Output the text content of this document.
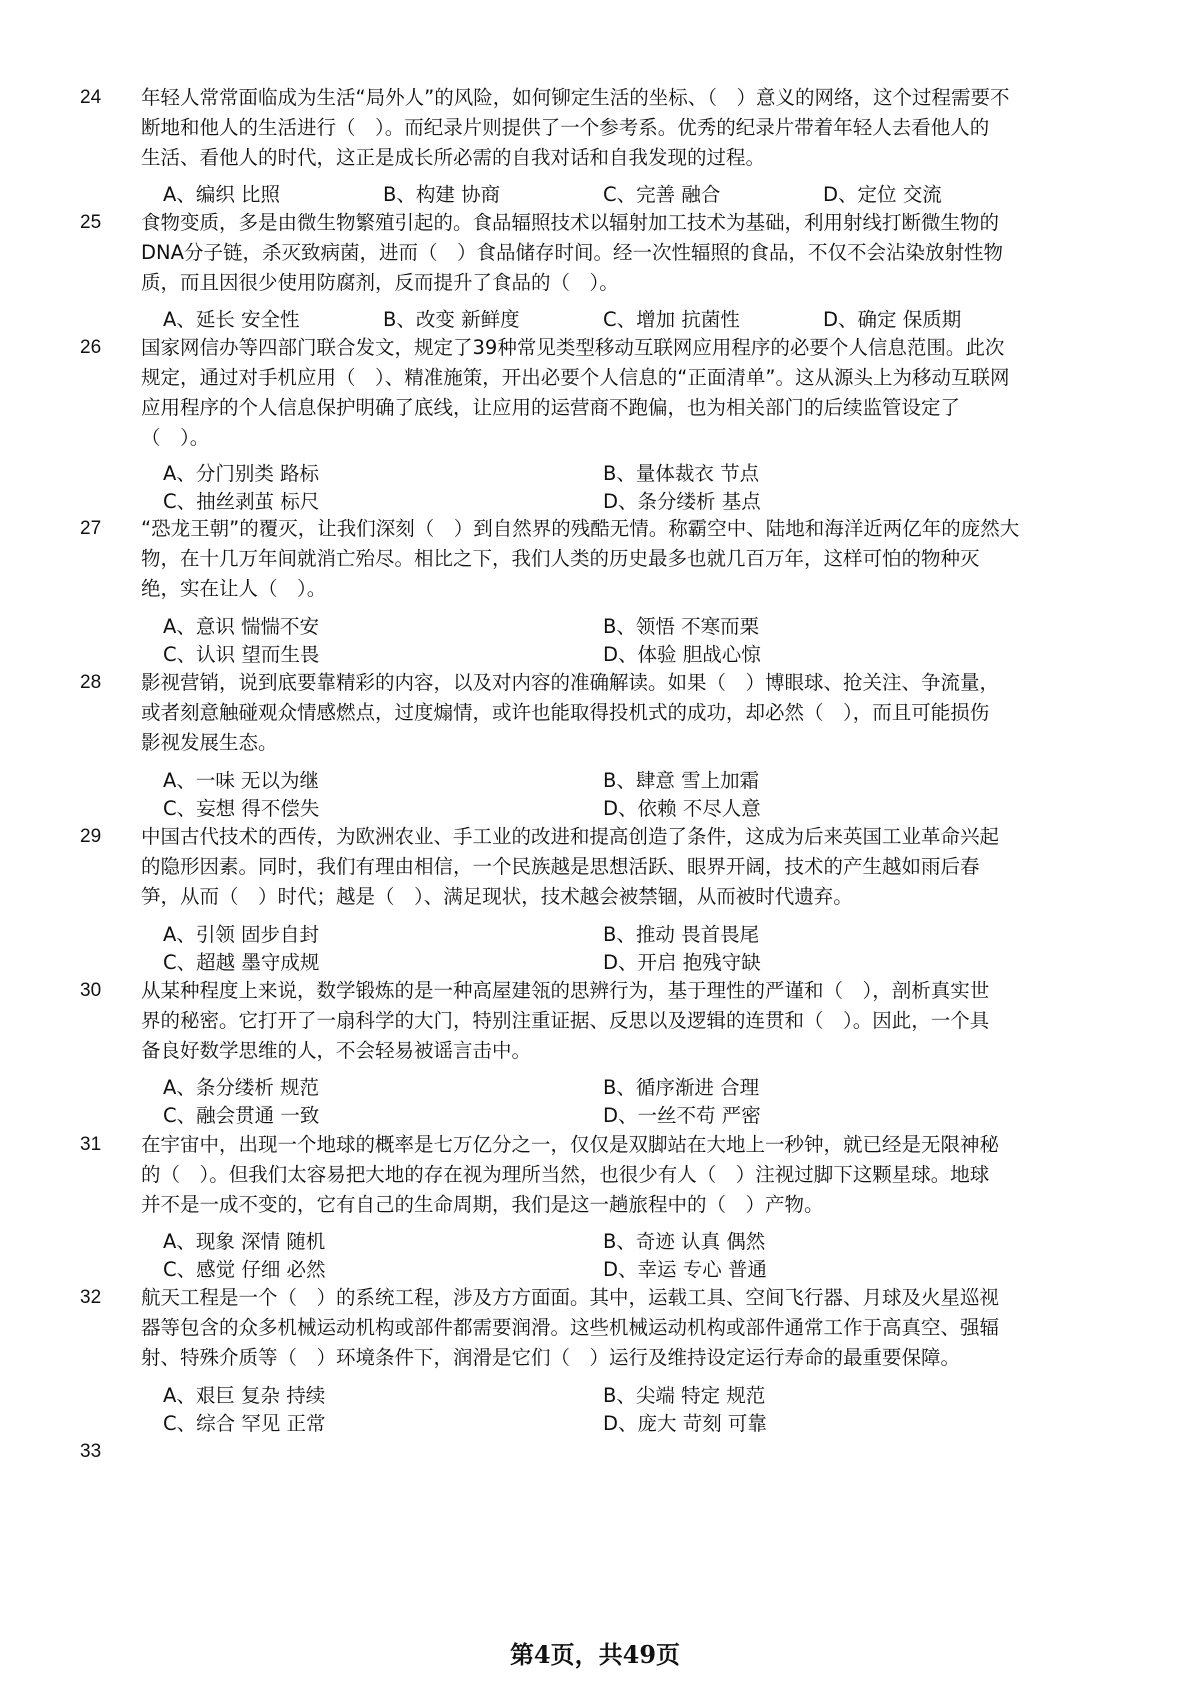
24	年轻人常常面临成为生活“局外人”的风险，如何铆定生活的坐标、（　）意义的网络，这个过程需要不
断地和他人的生活进行（　）。而纪录片则提供了一个参考系。优秀的纪录片带着年轻人去看他人的
生活、看他人的时代，这正是成长所必需的自我对话和自我发现的过程。
A、编织 比照	B、构建 协商	C、完善 融合	D、定位 交流
25	食物变质，多是由微生物繁殖引起的。食品辐照技术以辐射加工技术为基础，利用射线打断微生物的
DNA分子链，杀灭致病菌，进而（　）食品储存时间。经一次性辐照的食品，不仅不会沾染放射性物
质，而且因很少使用防腐剂，反而提升了食品的（　）。
A、延长 安全性	B、改变 新鲜度	C、增加 抗菌性	D、确定 保质期
26	国家网信办等四部门联合发文，规定了39种常见类型移动互联网应用程序的必要个人信息范围。此次
规定，通过对手机应用（　）、精准施策，开出必要个人信息的“正面清单”。这从源头上为移动互联网
应用程序的个人信息保护明确了底线，让应用的运营商不跑偏，也为相关部门的后续监管设定了
（　）。
A、分门别类 路标	B、量体裁衣 节点
C、抽丝剥茧 标尺	D、条分缕析 基点
27	“恐龙王朝”的覆灭，让我们深刻（　）到自然界的残酷无情。称霸空中、陆地和海洋近两亿年的庞然大
物，在十几万年间就消亡殆尽。相比之下，我们人类的历史最多也就几百万年，这样可怕的物种灭
绝，实在让人（　）。
A、意识 惴惴不安	B、领悟 不寒而栗
C、认识 望而生畏	D、体验 胆战心惊
28	影视营销，说到底要靠精彩的内容，以及对内容的准确解读。如果（　）博眼球、抢关注、争流量，
或者刻意触碰观众情感燃点，过度煽情，或许也能取得投机式的成功，却必然（　），而且可能损伤
影视发展生态。
A、一味 无以为继	B、肆意 雪上加霜
C、妄想 得不偿失	D、依赖 不尽人意
29	中国古代技术的西传，为欧洲农业、手工业的改进和提高创造了条件，这成为后来英国工业革命兴起
的隐形因素。同时，我们有理由相信，一个民族越是思想活跃、眼界开阔，技术的产生越如雨后春
笋，从而（　）时代；越是（　）、满足现状，技术越会被禁锢，从而被时代遗弃。
A、引领 固步自封	B、推动 畏首畏尾
C、超越 墨守成规	D、开启 抱残守缺
30	从某种程度上来说，数学锻炼的是一种高屋建瓴的思辨行为，基于理性的严谨和（　），剖析真实世
界的秘密。它打开了一扇科学的大门，特别注重证据、反思以及逻辑的连贯和（　）。因此，一个具
备良好数学思维的人，不会轻易被谣言击中。
A、条分缕析 规范	B、循序渐进 合理
C、融会贯通 一致	D、一丝不苟 严密
31	在宇宙中，出现一个地球的概率是七万亿分之一，仅仅是双脚站在大地上一秒钟，就已经是无限神秘
的（　）。但我们太容易把大地的存在视为理所当然，也很少有人（　）注视过脚下这颗星球。地球
并不是一成不变的，它有自己的生命周期，我们是这一趟旅程中的（　）产物。
A、现象 深情 随机	B、奇迹 认真 偶然
C、感觉 仔细 必然	D、幸运 专心 普通
32	航天工程是一个（　）的系统工程，涉及方方面面。其中，运载工具、空间飞行器、月球及火星巡视
器等包含的众多机械运动机构或部件都需要润滑。这些机械运动机构或部件通常工作于高真空、强辐
射、特殊介质等（　）环境条件下，润滑是它们（　）运行及维持设定运行寿命的最重要保障。
A、艰巨 复杂 持续	B、尖端 特定 规范
C、综合 罕见 正常	D、庞大 苛刻 可靠
33
第4页，共49页
